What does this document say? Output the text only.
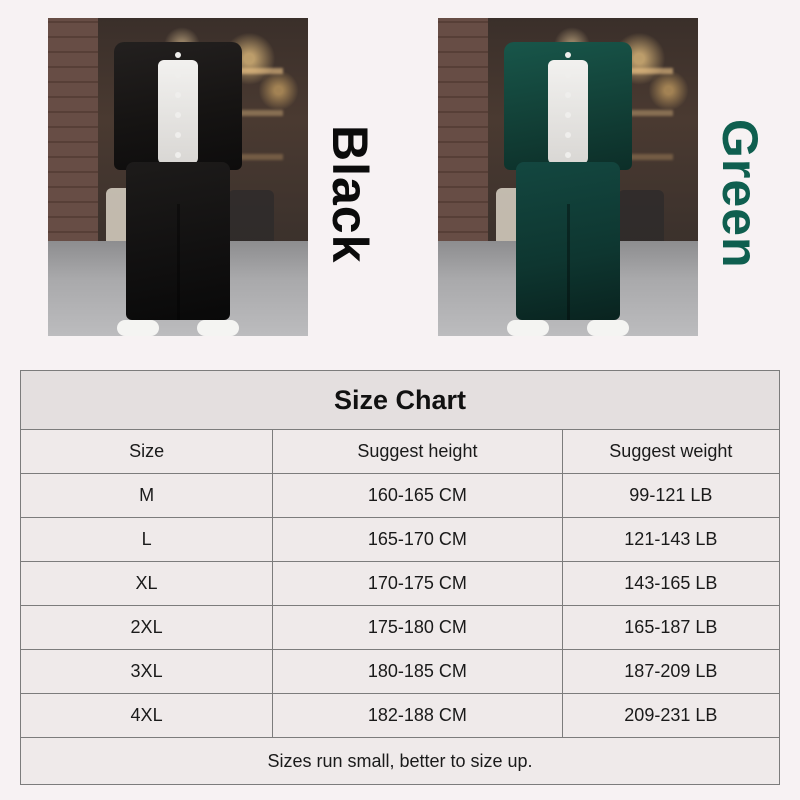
Black	Green
Size Chart
Size	Suggest height	Suggest weight
M	160-165 CM	99-121 LB
L	165-170 CM	121-143 LB
XL	170-175 CM	143-165 LB
2XL	175-180 CM	165-187 LB
3XL	180-185 CM	187-209 LB
4XL	182-188 CM	209-231 LB
Sizes run small, better to size up.		
